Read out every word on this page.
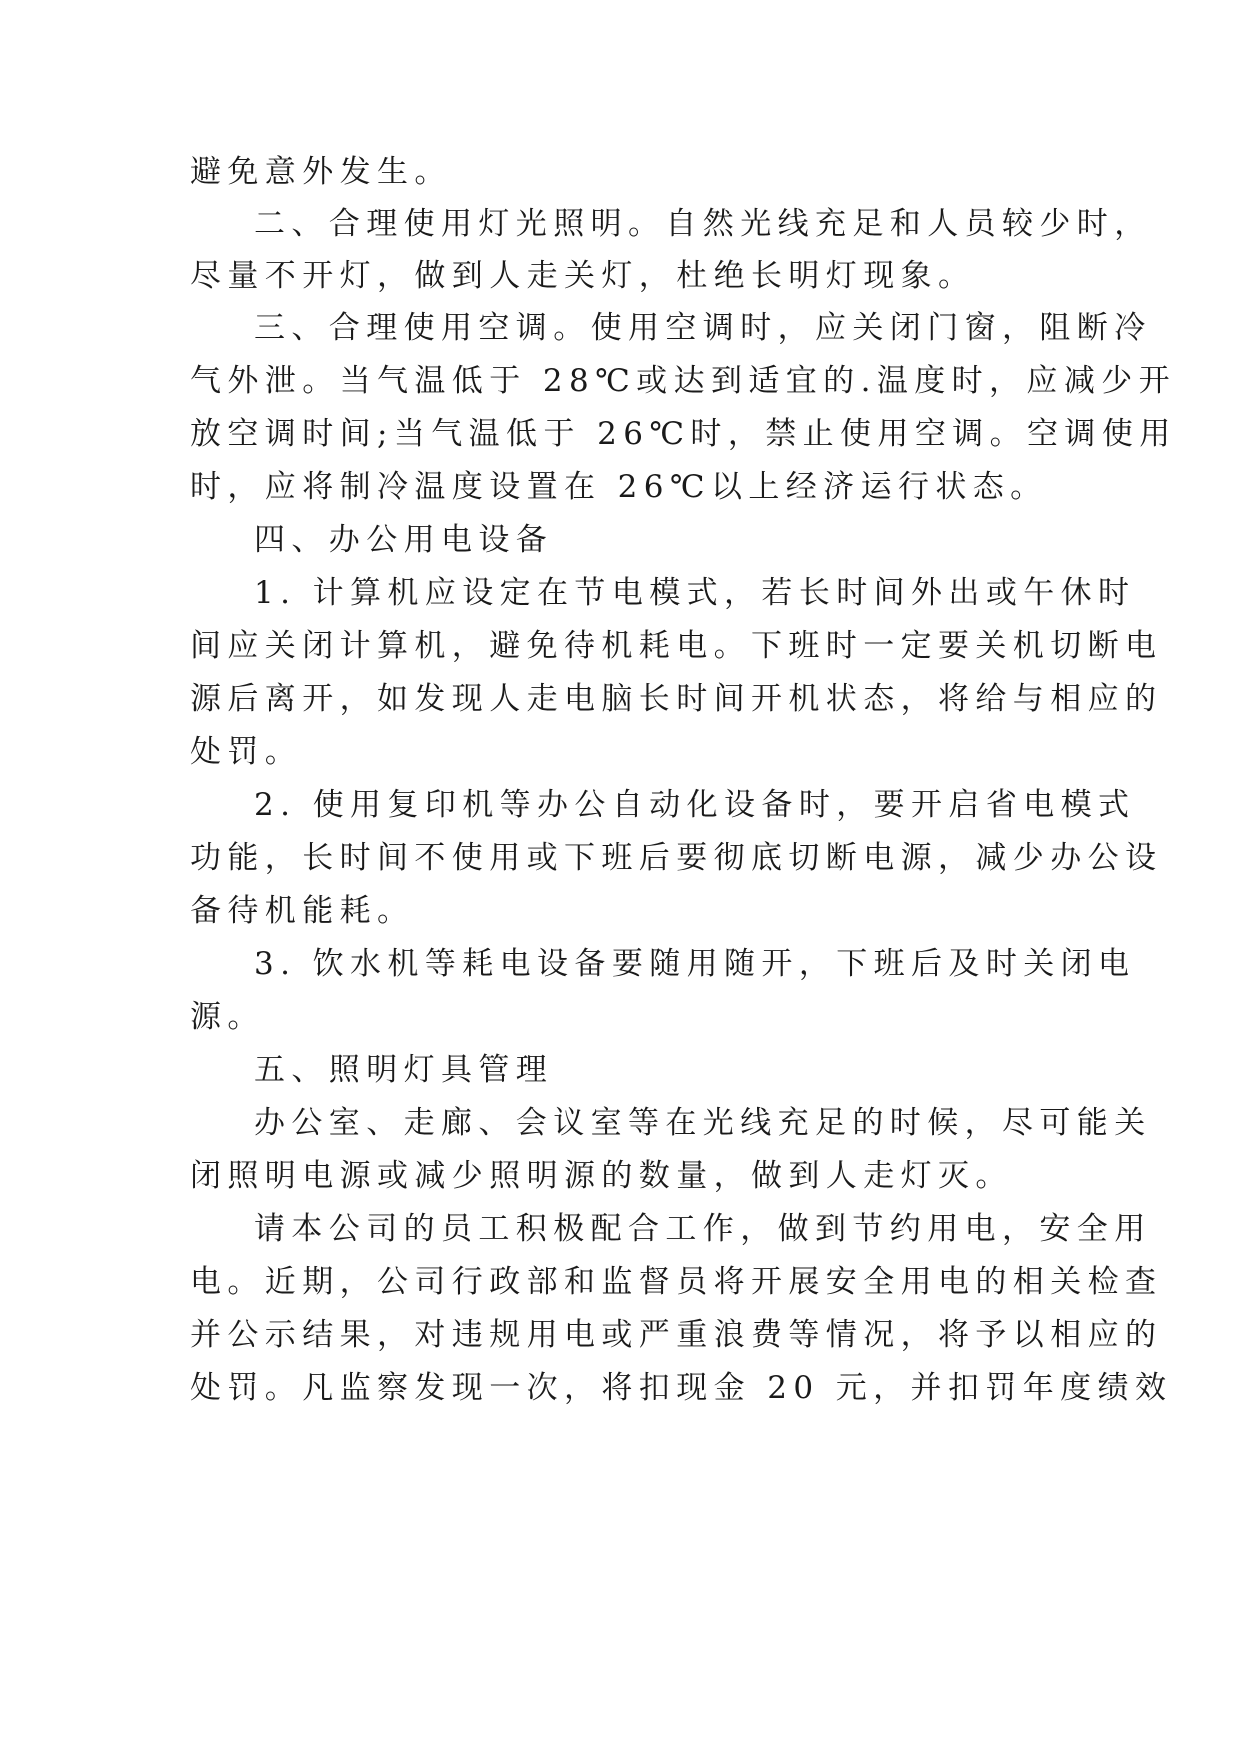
避免意外发生。
二、合理使用灯光照明。自然光线充足和人员较少时，
尽量不开灯，做到人走关灯，杜绝长明灯现象。
三、合理使用空调。使用空调时，应关闭门窗，阻断冷
气外泄。当气温低于 28℃或达到适宜的.温度时，应减少开
放空调时间;当气温低于 26℃时，禁止使用空调。空调使用
时，应将制冷温度设置在 26℃以上经济运行状态。
四、办公用电设备
1. 计算机应设定在节电模式，若长时间外出或午休时
间应关闭计算机，避免待机耗电。下班时一定要关机切断电
源后离开，如发现人走电脑长时间开机状态，将给与相应的
处罚。
2. 使用复印机等办公自动化设备时，要开启省电模式
功能，长时间不使用或下班后要彻底切断电源，减少办公设
备待机能耗。
3. 饮水机等耗电设备要随用随开，下班后及时关闭电
源。
五、照明灯具管理
办公室、走廊、会议室等在光线充足的时候，尽可能关
闭照明电源或减少照明源的数量，做到人走灯灭。
请本公司的员工积极配合工作，做到节约用电，安全用
电。近期，公司行政部和监督员将开展安全用电的相关检查
并公示结果，对违规用电或严重浪费等情况，将予以相应的
处罚。凡监察发现一次，将扣现金 20 元，并扣罚年度绩效
